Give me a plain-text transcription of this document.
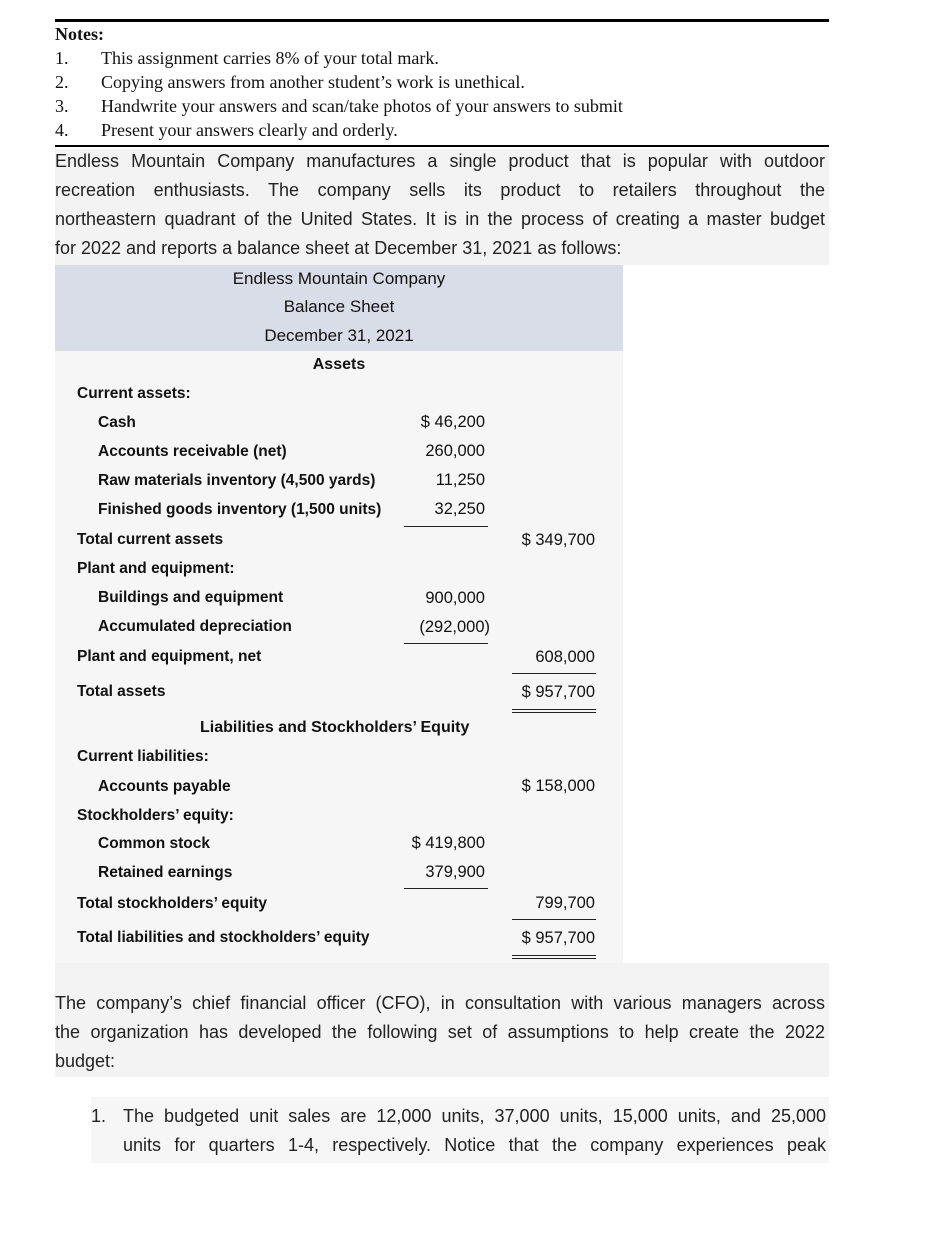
Notes:
1. This assignment carries 8% of your total mark.
2. Copying answers from another student’s work is unethical.
3. Handwrite your answers and scan/take photos of your answers to submit
4. Present your answers clearly and orderly.
Endless Mountain Company manufactures a single product that is popular with outdoor
recreation enthusiasts. The company sells its product to retailers throughout the
northeastern quadrant of the United States. It is in the process of creating a master budget
for 2022 and reports a balance sheet at December 31, 2021 as follows:
Endless Mountain Company
Balance Sheet
December 31, 2021
Assets
Current assets:
Cash	$ 46,200
Accounts receivable (net)	260,000
Raw materials inventory (4,500 yards)	11,250
Finished goods inventory (1,500 units)	32,250
Total current assets	$ 349,700
Plant and equipment:
Buildings and equipment	900,000
Accumulated depreciation	(292,000)
Plant and equipment, net	608,000
Total assets	$ 957,700
Liabilities and Stockholders’ Equity
Current liabilities:
Accounts payable	$ 158,000
Stockholders’ equity:
Common stock	$ 419,800
Retained earnings	379,900
Total stockholders’ equity	799,700
Total liabilities and stockholders’ equity	$ 957,700
The company’s chief financial officer (CFO), in consultation with various managers across
the organization has developed the following set of assumptions to help create the 2022
budget:
1. The budgeted unit sales are 12,000 units, 37,000 units, 15,000 units, and 25,000
units for quarters 1-4, respectively. Notice that the company experiences peak
